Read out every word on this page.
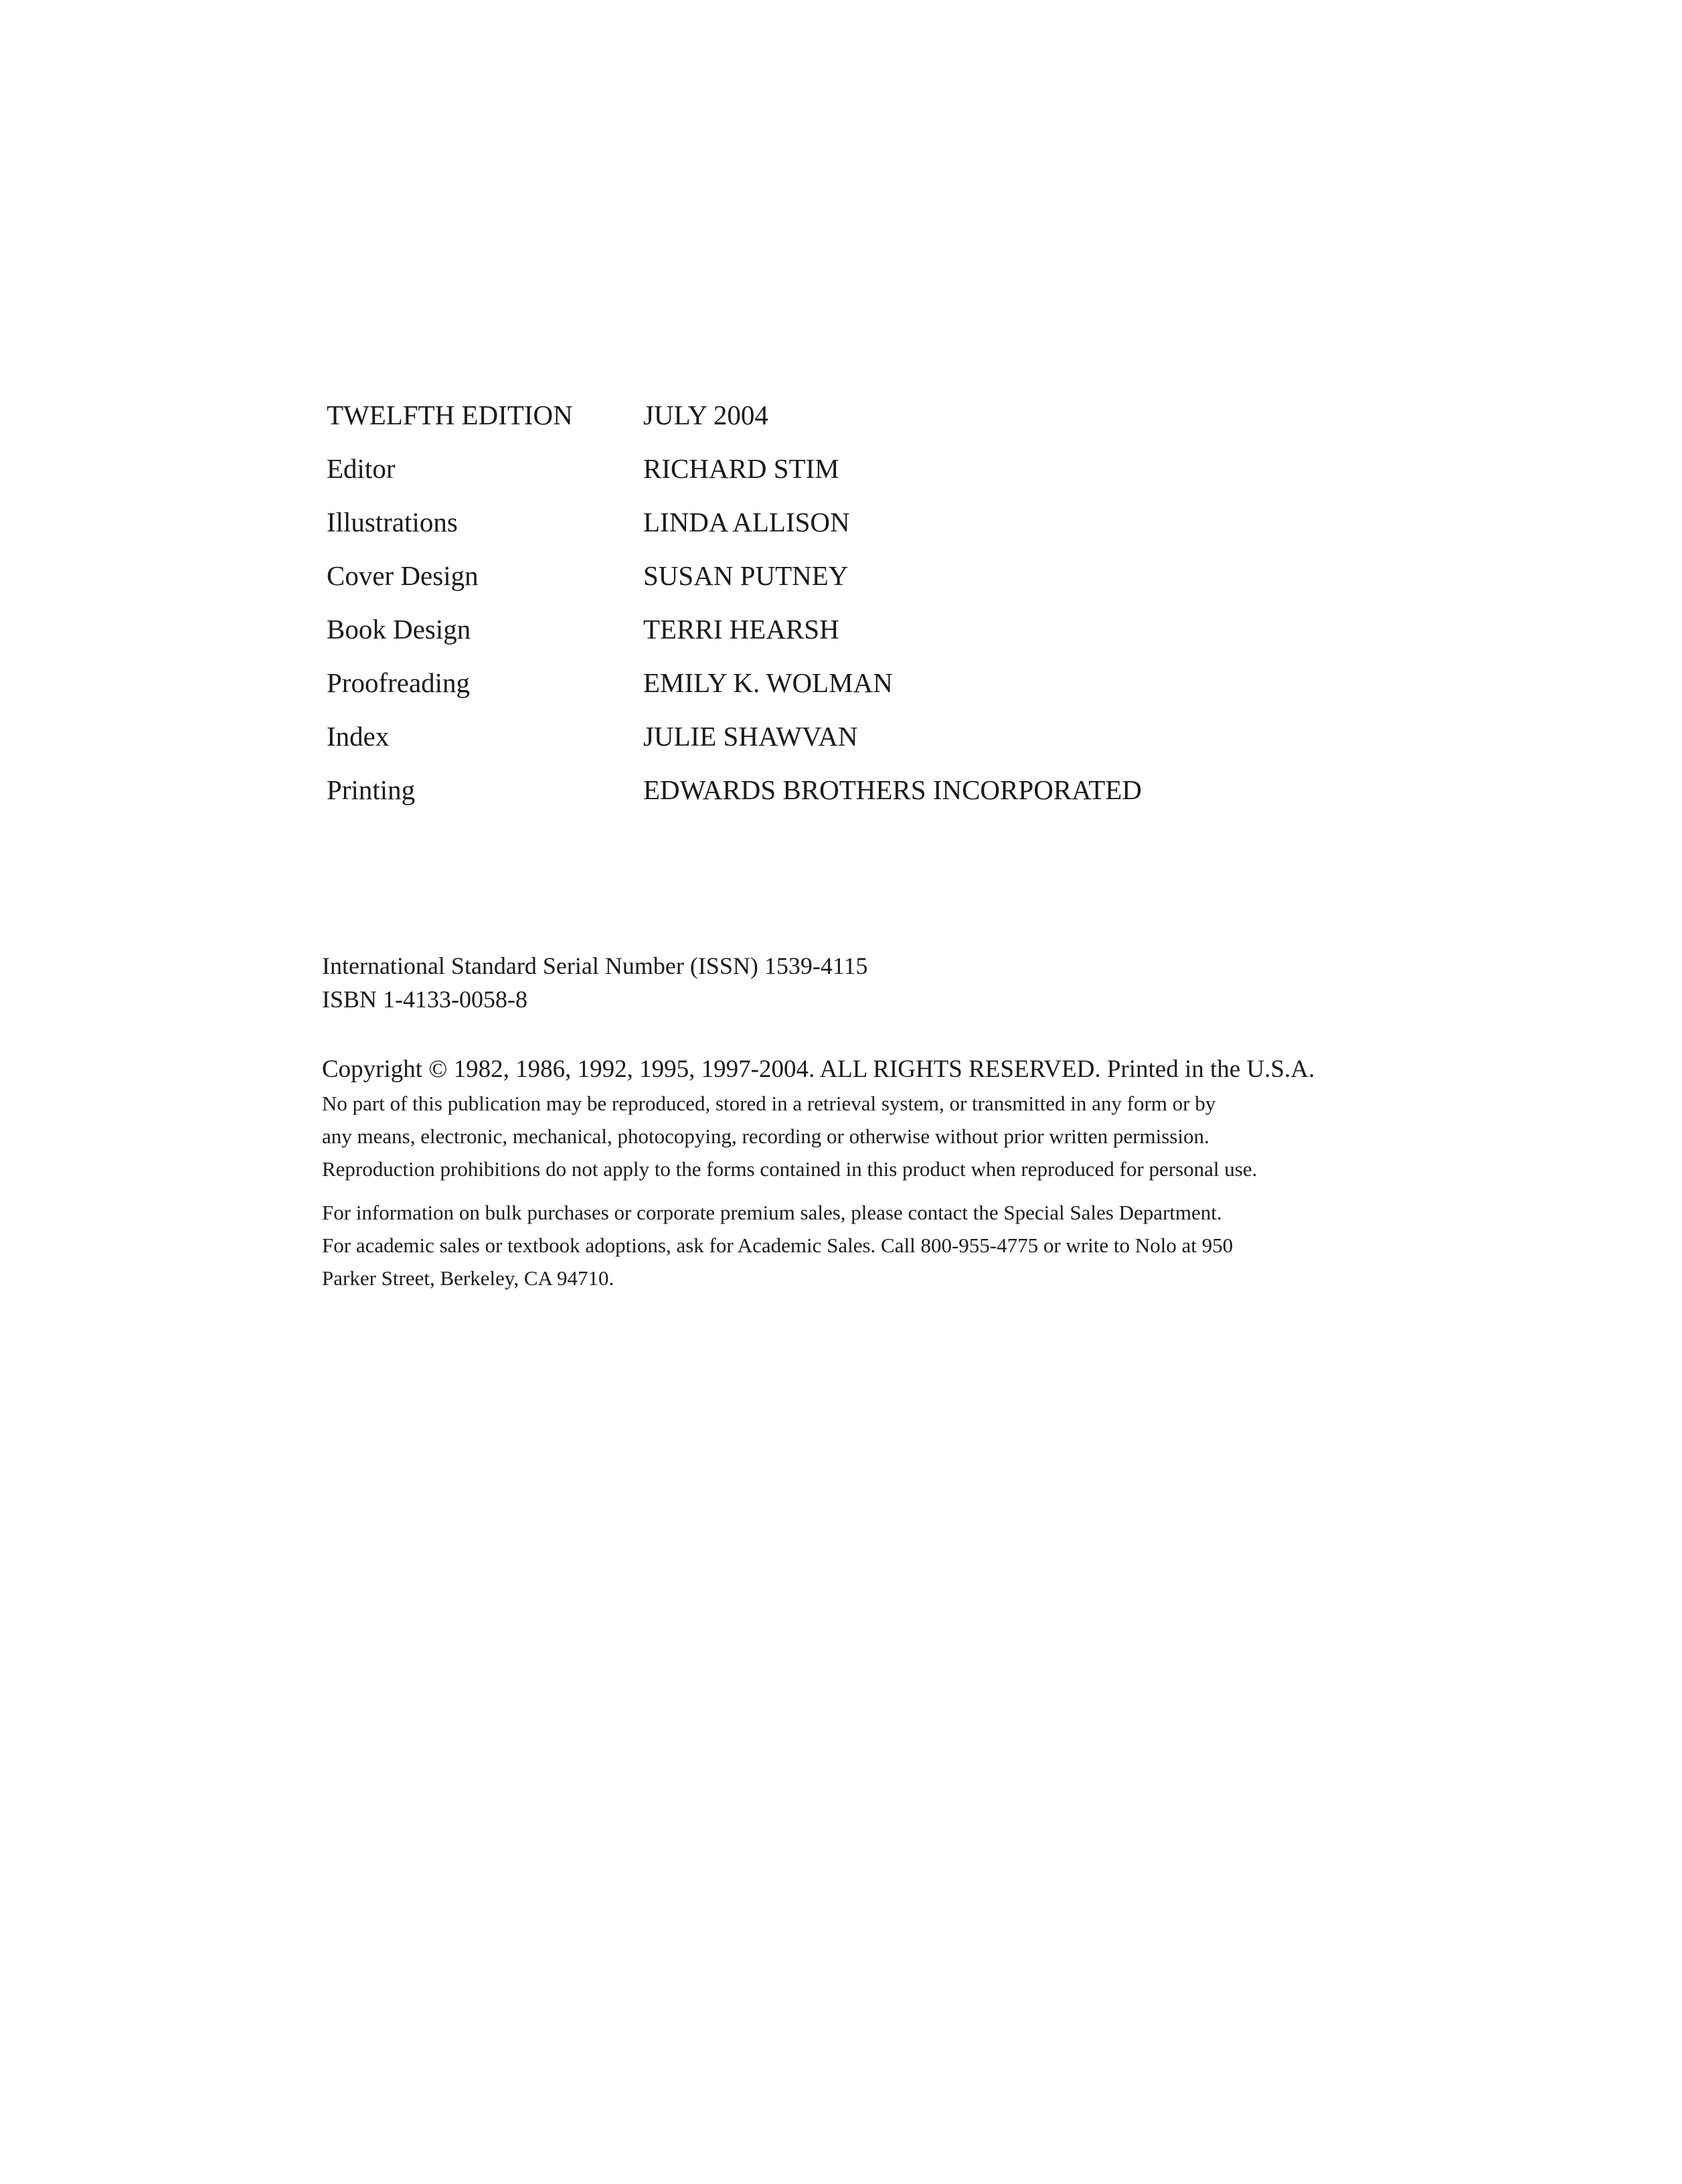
TWELFTH EDITION	JULY 2004
Editor	RICHARD STIM
Illustrations	LINDA ALLISON
Cover Design	SUSAN PUTNEY
Book Design	TERRI HEARSH
Proofreading	EMILY K. WOLMAN
Index	JULIE SHAWVAN
Printing	EDWARDS BROTHERS INCORPORATED
International Standard Serial Number (ISSN) 1539-4115
ISBN 1-4133-0058-8
Copyright © 1982, 1986, 1992, 1995, 1997-2004. ALL RIGHTS RESERVED. Printed in the U.S.A.
No part of this publication may be reproduced, stored in a retrieval system, or transmitted in any form or by
any means, electronic, mechanical, photocopying, recording or otherwise without prior written permission.
Reproduction prohibitions do not apply to the forms contained in this product when reproduced for personal use.
For information on bulk purchases or corporate premium sales, please contact the Special Sales Department.
For academic sales or textbook adoptions, ask for Academic Sales. Call 800-955-4775 or write to Nolo at 950
Parker Street, Berkeley, CA 94710.
